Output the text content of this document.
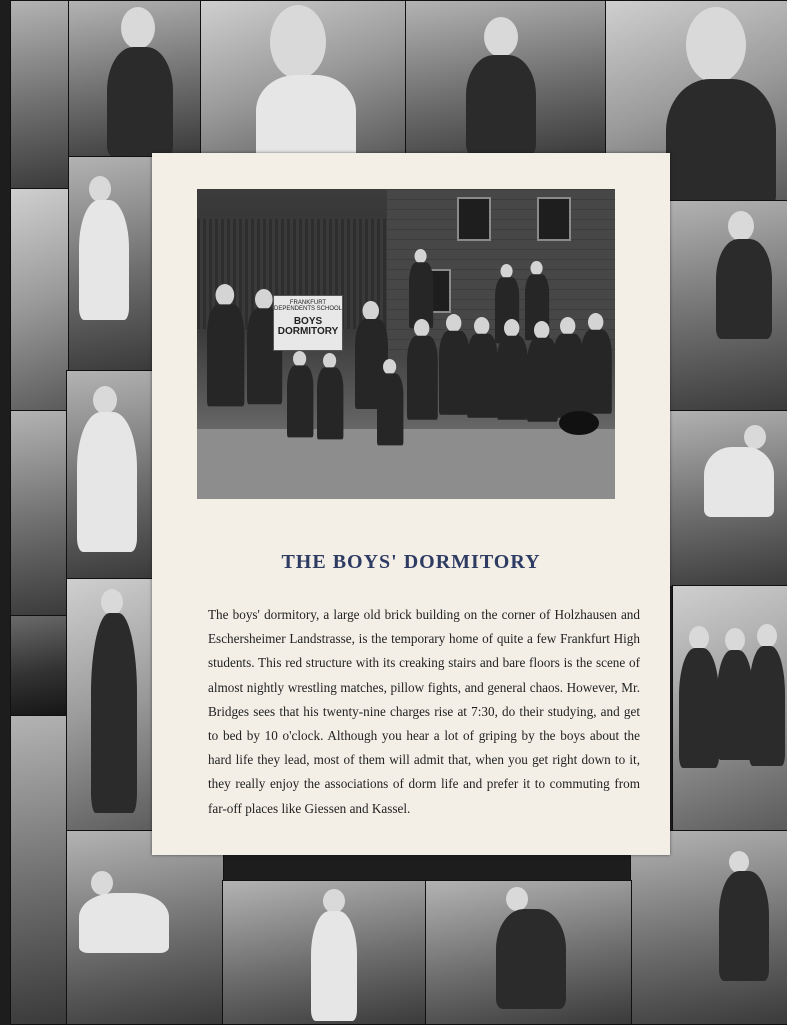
FRANKFURT
DEPENDENTS SCHOOL
BOYS
DORMITORY
THE BOYS' DORMITORY

The boys' dormitory, a large old brick building on the corner of Holzhausen and Eschersheimer Landstrasse, is the temporary home of quite a few Frankfurt High students. This red structure with its creaking stairs and bare floors is the scene of almost nightly wrestling matches, pillow fights, and general chaos. However, Mr. Bridges sees that his twenty-nine charges rise at 7:30, do their studying, and get to bed by 10 o'clock. Although you hear a lot of griping by the boys about the hard life they lead, most of them will admit that, when you get right down to it, they really enjoy the associations of dorm life and prefer it to commuting from far-off places like Giessen and Kassel.
